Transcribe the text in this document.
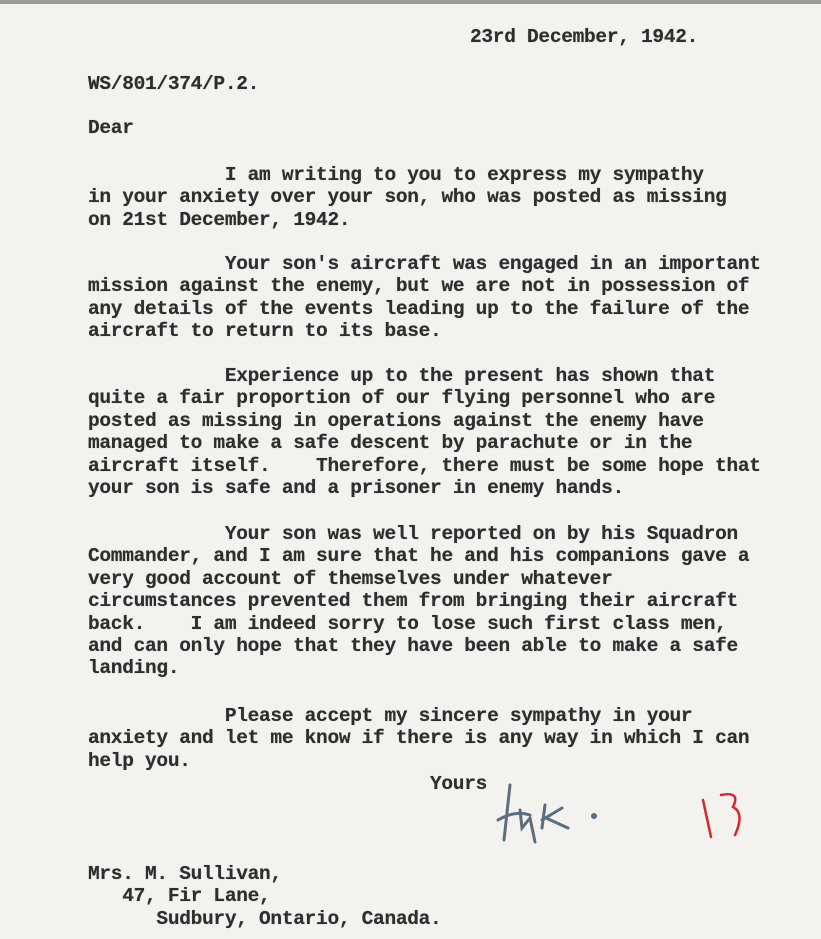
23rd December, 1942.
WS/801/374/P.2.
Dear
I am writing to you to express my sympathy
in your anxiety over your son, who was posted as missing
on 21st December, 1942.
Your son's aircraft was engaged in an important
mission against the enemy, but we are not in possession of
any details of the events leading up to the failure of the
aircraft to return to its base.
Experience up to the present has shown that
quite a fair proportion of our flying personnel who are
posted as missing in operations against the enemy have
managed to make a safe descent by parachute or in the
aircraft itself.    Therefore, there must be some hope that
your son is safe and a prisoner in enemy hands.
Your son was well reported on by his Squadron
Commander, and I am sure that he and his companions gave a
very good account of themselves under whatever
circumstances prevented them from bringing their aircraft
back.    I am indeed sorry to lose such first class men,
and can only hope that they have been able to make a safe
landing.
Please accept my sincere sympathy in your
anxiety and let me know if there is any way in which I can
help you.
Yours
Mrs. M. Sullivan,
47, Fir Lane,
Sudbury, Ontario, Canada.
